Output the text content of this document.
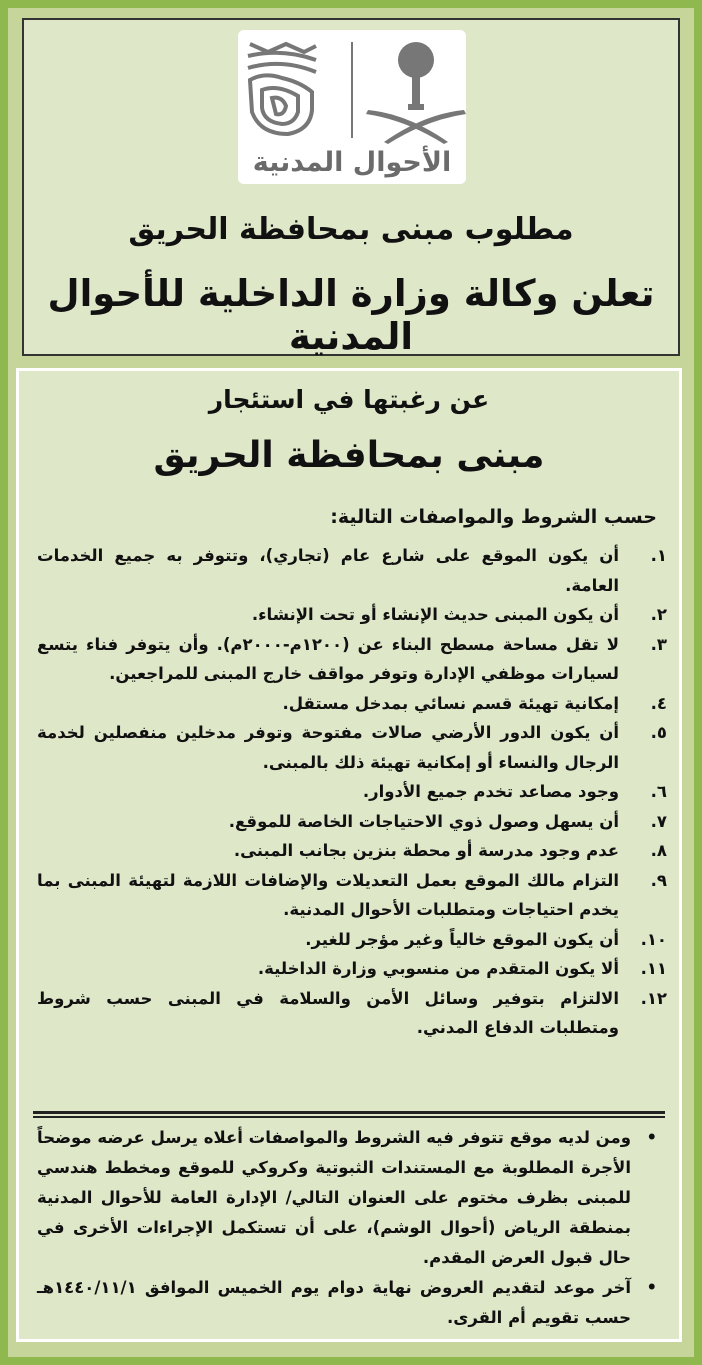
الأحوال المدنية
مطلوب مبنى بمحافظة الحريق
تعلن وكالة وزارة الداخلية للأحوال المدنية
عن رغبتها في استئجار
مبنى بمحافظة الحريق
حسب الشروط والمواصفات التالية:
١.
أن يكون الموقع على شارع عام (تجاري)، وتتوفر به جميع الخدمات العامة.
٢.
أن يكون المبنى حديث الإنشاء أو تحت الإنشاء.
٣.
لا تقل مساحة مسطح البناء عن (١٢٠٠م-٢٠٠٠م). وأن يتوفر فناء يتسع لسيارات موظفي الإدارة وتوفر مواقف خارج المبنى للمراجعين.
٤.
إمكانية تهيئة قسم نسائي بمدخل مستقل.
٥.
أن يكون الدور الأرضي صالات مفتوحة وتوفر مدخلين منفصلين لخدمة الرجال والنساء أو إمكانية تهيئة ذلك بالمبنى.
٦.
وجود مصاعد تخدم جميع الأدوار.
٧.
أن يسهل وصول ذوي الاحتياجات الخاصة للموقع.
٨.
عدم وجود مدرسة أو محطة بنزين بجانب المبنى.
٩.
التزام مالك الموقع بعمل التعديلات والإضافات اللازمة لتهيئة المبنى بما يخدم احتياجات ومتطلبات الأحوال المدنية.
١٠.
أن يكون الموقع خالياً وغير مؤجر للغير.
١١.
ألا يكون المتقدم من منسوبي وزارة الداخلية.
١٢.
الالتزام بتوفير وسائل الأمن والسلامة في المبنى حسب شروط ومتطلبات الدفاع المدني.
•
ومن لديه موقع تتوفر فيه الشروط والمواصفات أعلاه يرسل عرضه موضحاً الأجرة المطلوبة مع المستندات الثبوتية وكروكي للموقع ومخطط هندسي للمبنى بظرف مختوم على العنوان التالي/ الإدارة العامة للأحوال المدنية بمنطقة الرياض (أحوال الوشم)، على أن تستكمل الإجراءات الأخرى في حال قبول العرض المقدم.
•
آخر موعد لتقديم العروض نهاية دوام يوم الخميس الموافق ١٤٤٠/١١/١هـ حسب تقويم أم القرى.
